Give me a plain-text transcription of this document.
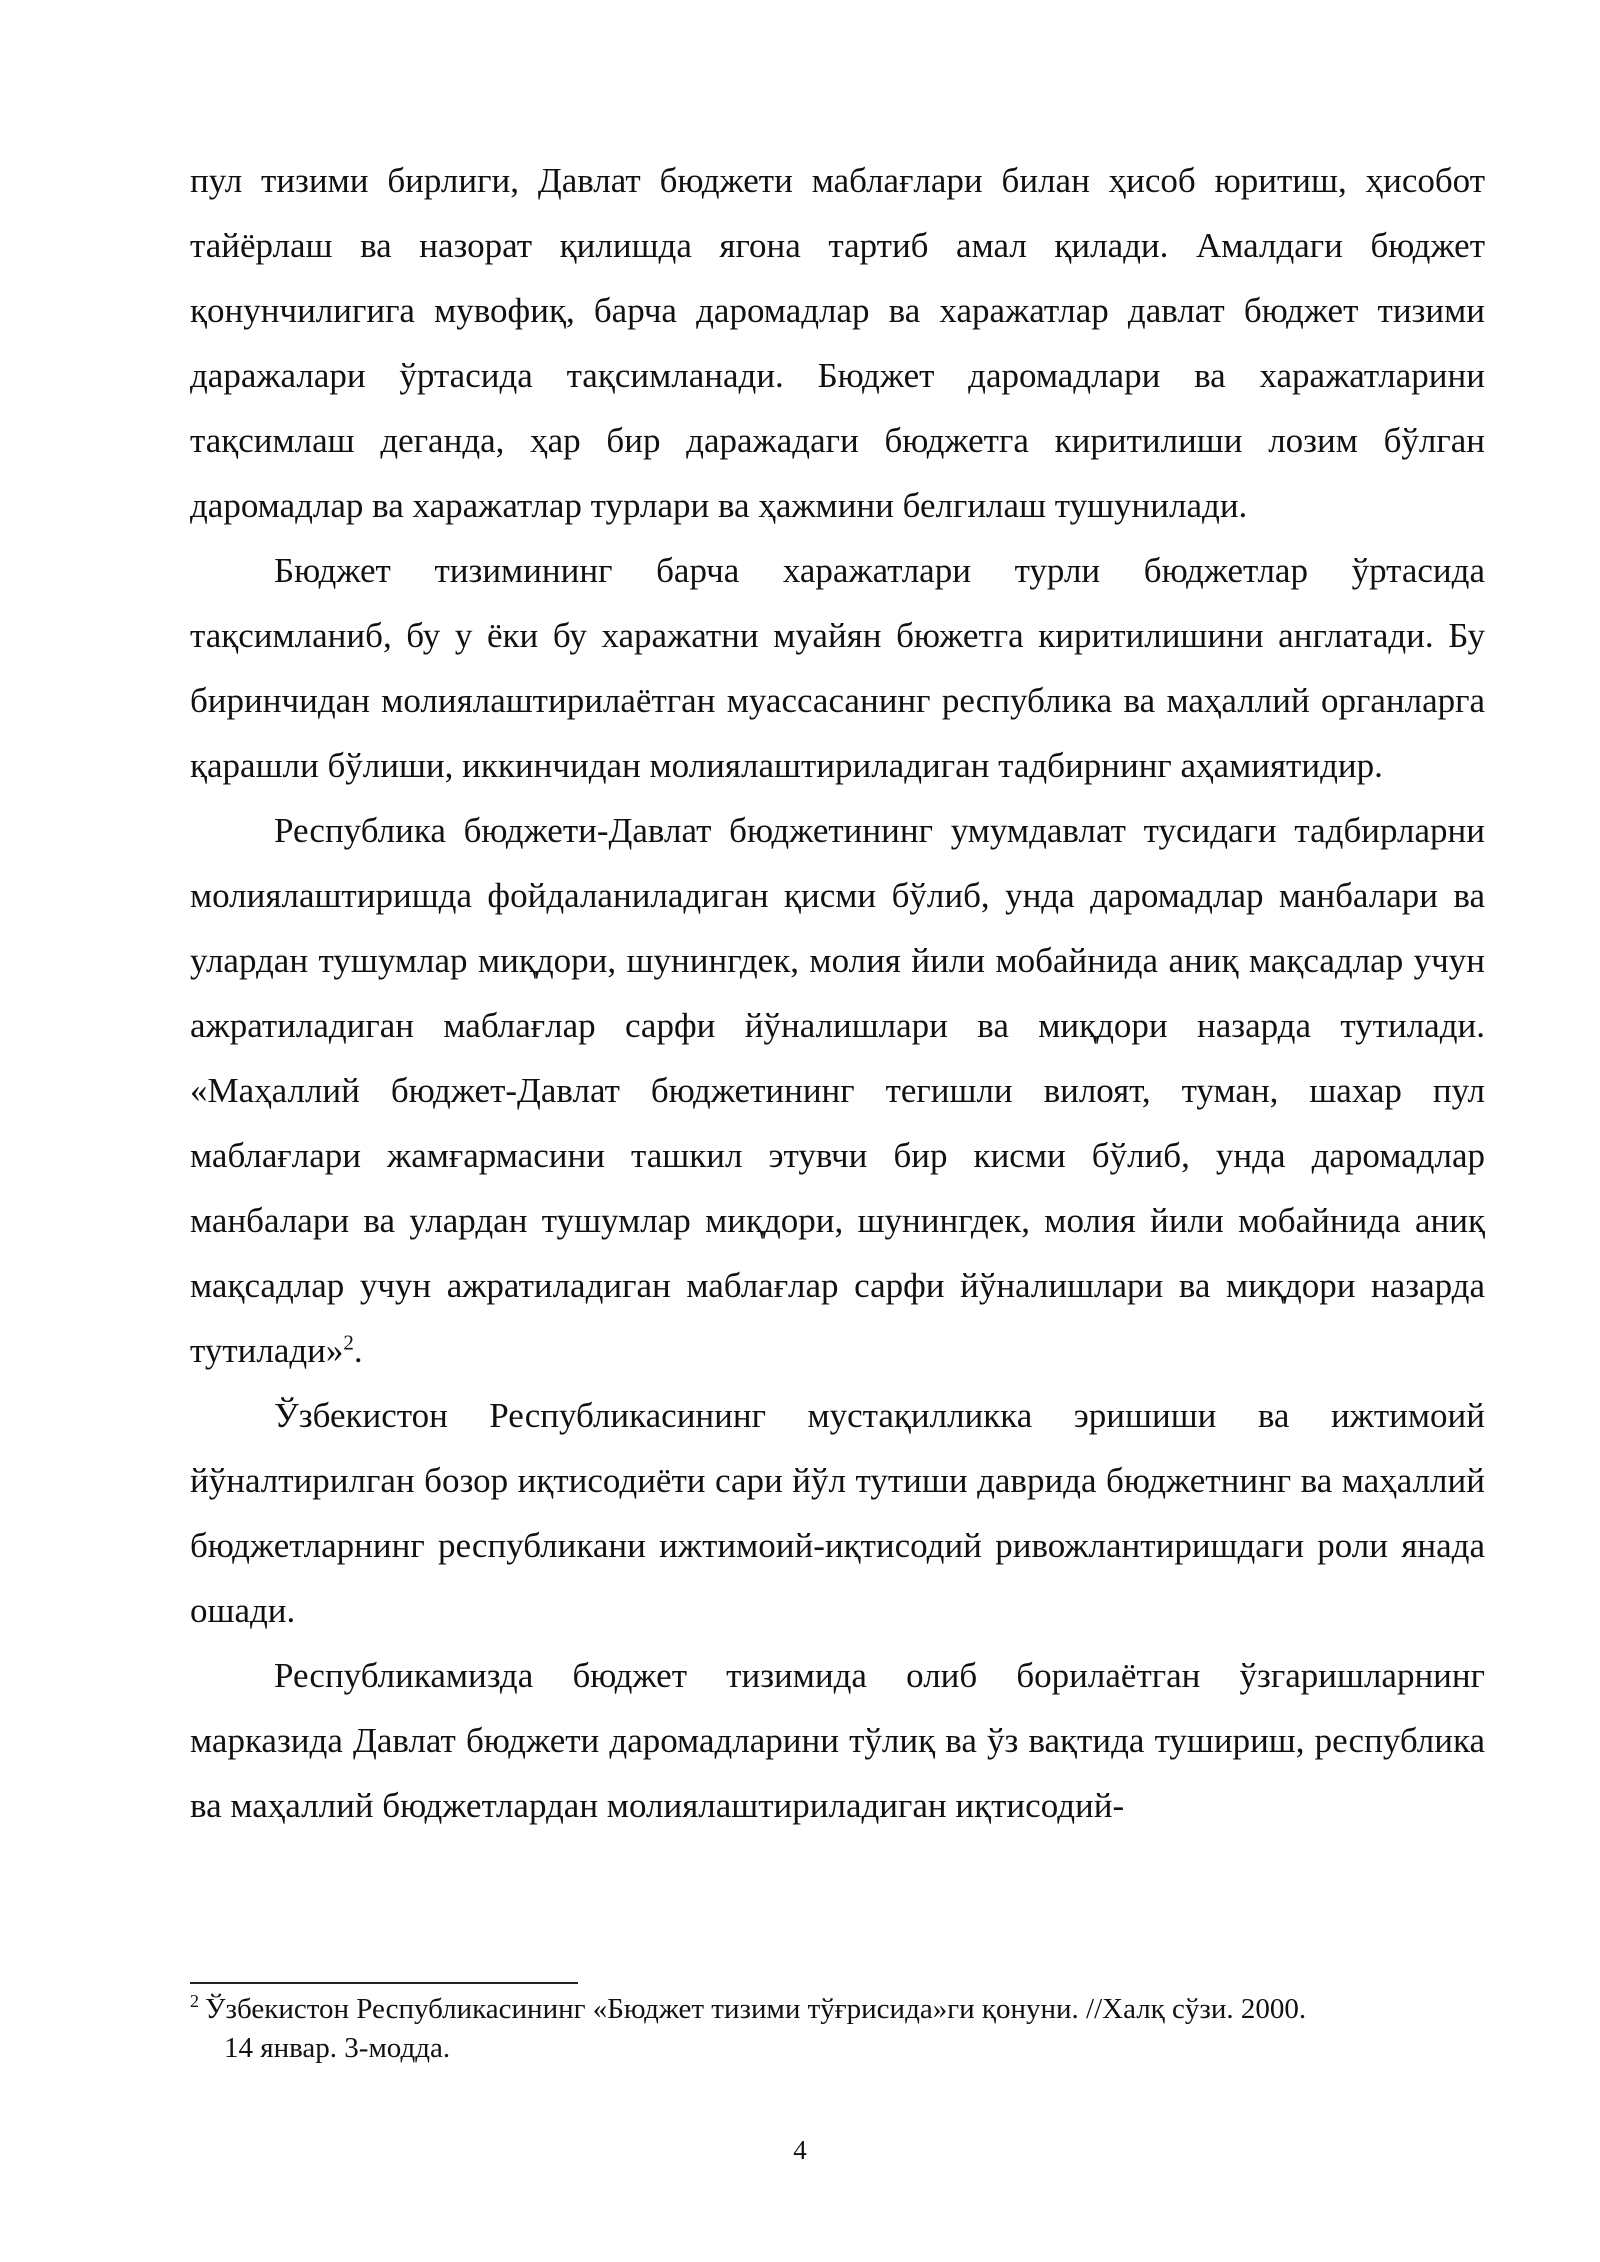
пул тизими бирлиги, Давлат бюджети маблағлари билан ҳисоб юритиш, ҳисобот тайёрлаш ва назорат қилишда ягона тартиб амал қилади. Амалдаги бюджет қонунчилигига мувофиқ, барча даромадлар ва харажатлар давлат бюджет тизими даражалари ўртасида тақсимланади. Бюджет даромадлари ва харажатларини тақсимлаш деганда, ҳар бир даражадаги бюджетга киритилиши лозим бўлган даромадлар ва харажатлар турлари ва ҳажмини белгилаш тушунилади.

Бюджет тизимининг барча харажатлари турли бюджетлар ўртасида тақсимланиб, бу у ёки бу харажатни муайян бюжетга киритилишини англатади. Бу биринчидан молиялаштирилаётган муассасанинг республика ва маҳаллий органларга қарашли бўлиши, иккинчидан молиялаштириладиган тадбирнинг аҳамиятидир.

Республика бюджети-Давлат бюджетининг умумдавлат тусидаги тадбирларни молиялаштиришда фойдаланиладиган қисми бўлиб, унда даромадлар манбалари ва улардан тушумлар миқдори, шунингдек, молия йили мобайнида аниқ мақсадлар учун ажратиладиган маблағлар сарфи йўналишлари ва миқдори назарда тутилади. «Маҳаллий бюджет-Давлат бюджетининг тегишли вилоят, туман, шахар пул маблағлари жамғармасини ташкил этувчи бир кисми бўлиб, унда даромадлар манбалари ва улардан тушумлар миқдори, шунингдек, молия йили мобайнида аниқ мақсадлар учун ажратиладиган маблағлар сарфи йўналишлари ва миқдори назарда тутилади»$^2$.

Ўзбекистон Республикасининг мустақилликка эришиши ва ижтимоий йўналтирилган бозор иқтисодиёти сари йўл тутиши даврида бюджетнинг ва маҳаллий бюджетларнинг республикани ижтимоий-иқтисодий ривожлантиришдаги роли янада ошади.

Республикамизда бюджет тизимида олиб борилаётган ўзгаришларнинг марказида Давлат бюджети даромадларини тўлиқ ва ўз вақтида тушириш, республика ва маҳаллий бюджетлардан молиялаштириладиган иқтисодий-

$^2$ Ўзбекистон Республикасининг «Бюджет тизими тўғрисида»ги қонуни. //Халқ сўзи. 2000.
14 январ. 3-модда.
4
